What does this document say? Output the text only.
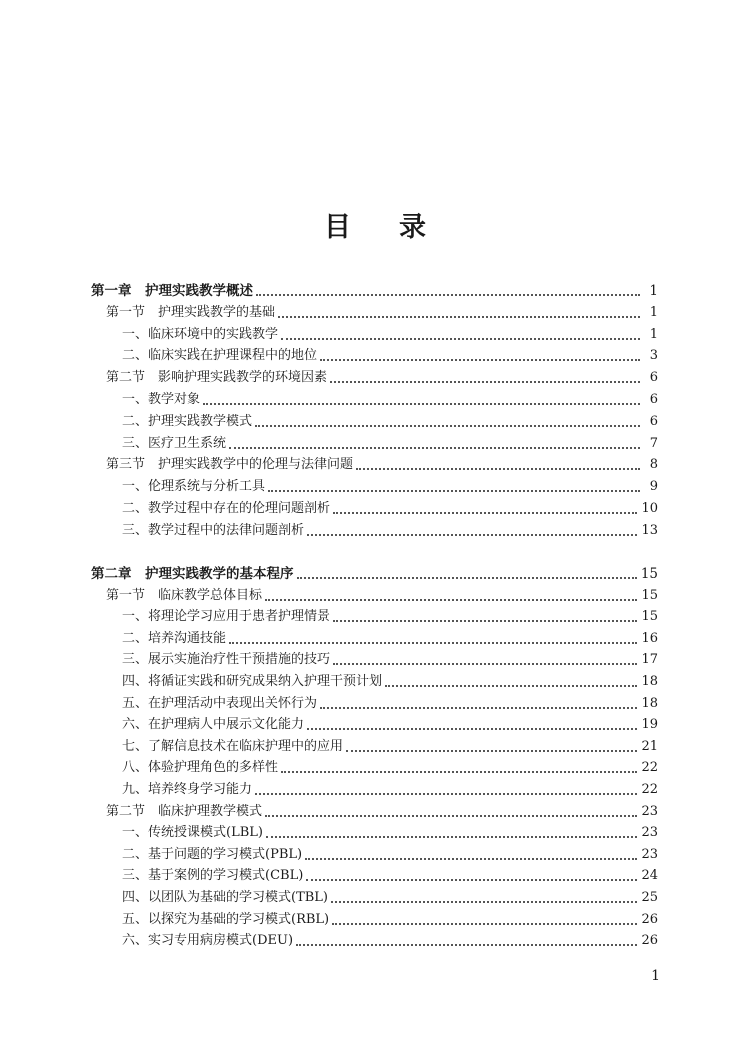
目 录
第一章　护理实践教学概述	1
第一节　护理实践教学的基础	1
一、临床环境中的实践教学	1
二、临床实践在护理课程中的地位	3
第二节　影响护理实践教学的环境因素	6
一、教学对象	6
二、护理实践教学模式	6
三、医疗卫生系统	7
第三节　护理实践教学中的伦理与法律问题	8
一、伦理系统与分析工具	9
二、教学过程中存在的伦理问题剖析	10
三、教学过程中的法律问题剖析	13
第二章　护理实践教学的基本程序	15
第一节　临床教学总体目标	15
一、将理论学习应用于患者护理情景	15
二、培养沟通技能	16
三、展示实施治疗性干预措施的技巧	17
四、将循证实践和研究成果纳入护理干预计划	18
五、在护理活动中表现出关怀行为	18
六、在护理病人中展示文化能力	19
七、了解信息技术在临床护理中的应用	21
八、体验护理角色的多样性	22
九、培养终身学习能力	22
第二节　临床护理教学模式	23
一、传统授课模式(LBL)	23
二、基于问题的学习模式(PBL)	23
三、基于案例的学习模式(CBL)	24
四、以团队为基础的学习模式(TBL)	25
五、以探究为基础的学习模式(RBL)	26
六、实习专用病房模式(DEU)	26
1
